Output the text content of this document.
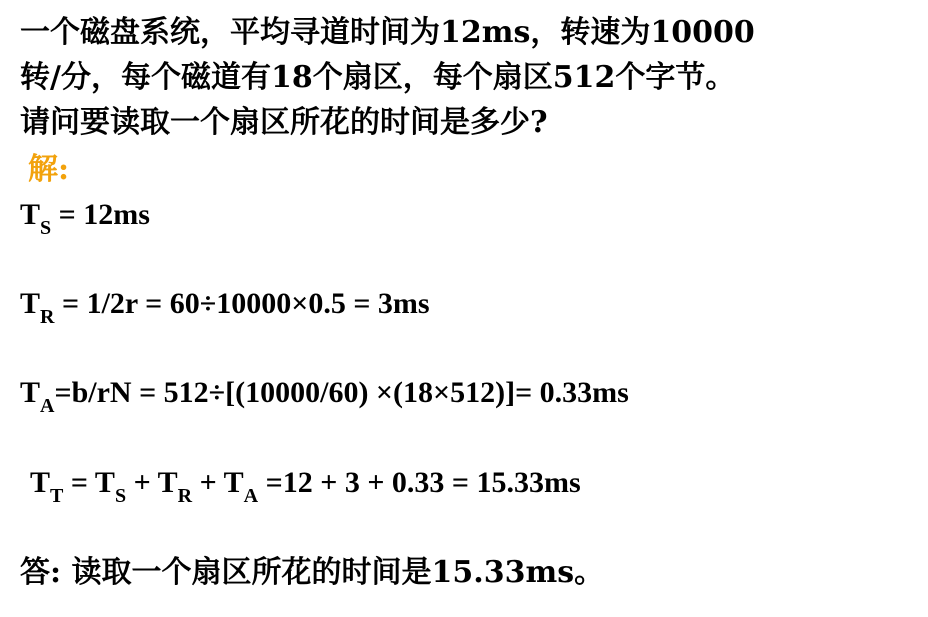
一个磁盘系统，平均寻道时间为12ms，转速为10000
转/分，每个磁道有18个扇区，每个扇区512个字节。
请问要读取一个扇区所花的时间是多少?
解:
$T_S = 12ms$
$T_R = 1/2r = 60\div 10000\times 0.5 = 3ms$
$T_A=b/rN = 512\div[(10000/60) \times(18\times 512)]= 0.33ms$
$T_T = T_S + T_R + T_A =12 + 3 + 0.33 = 15.33ms$
答: 读取一个扇区所花的时间是15.33ms。
